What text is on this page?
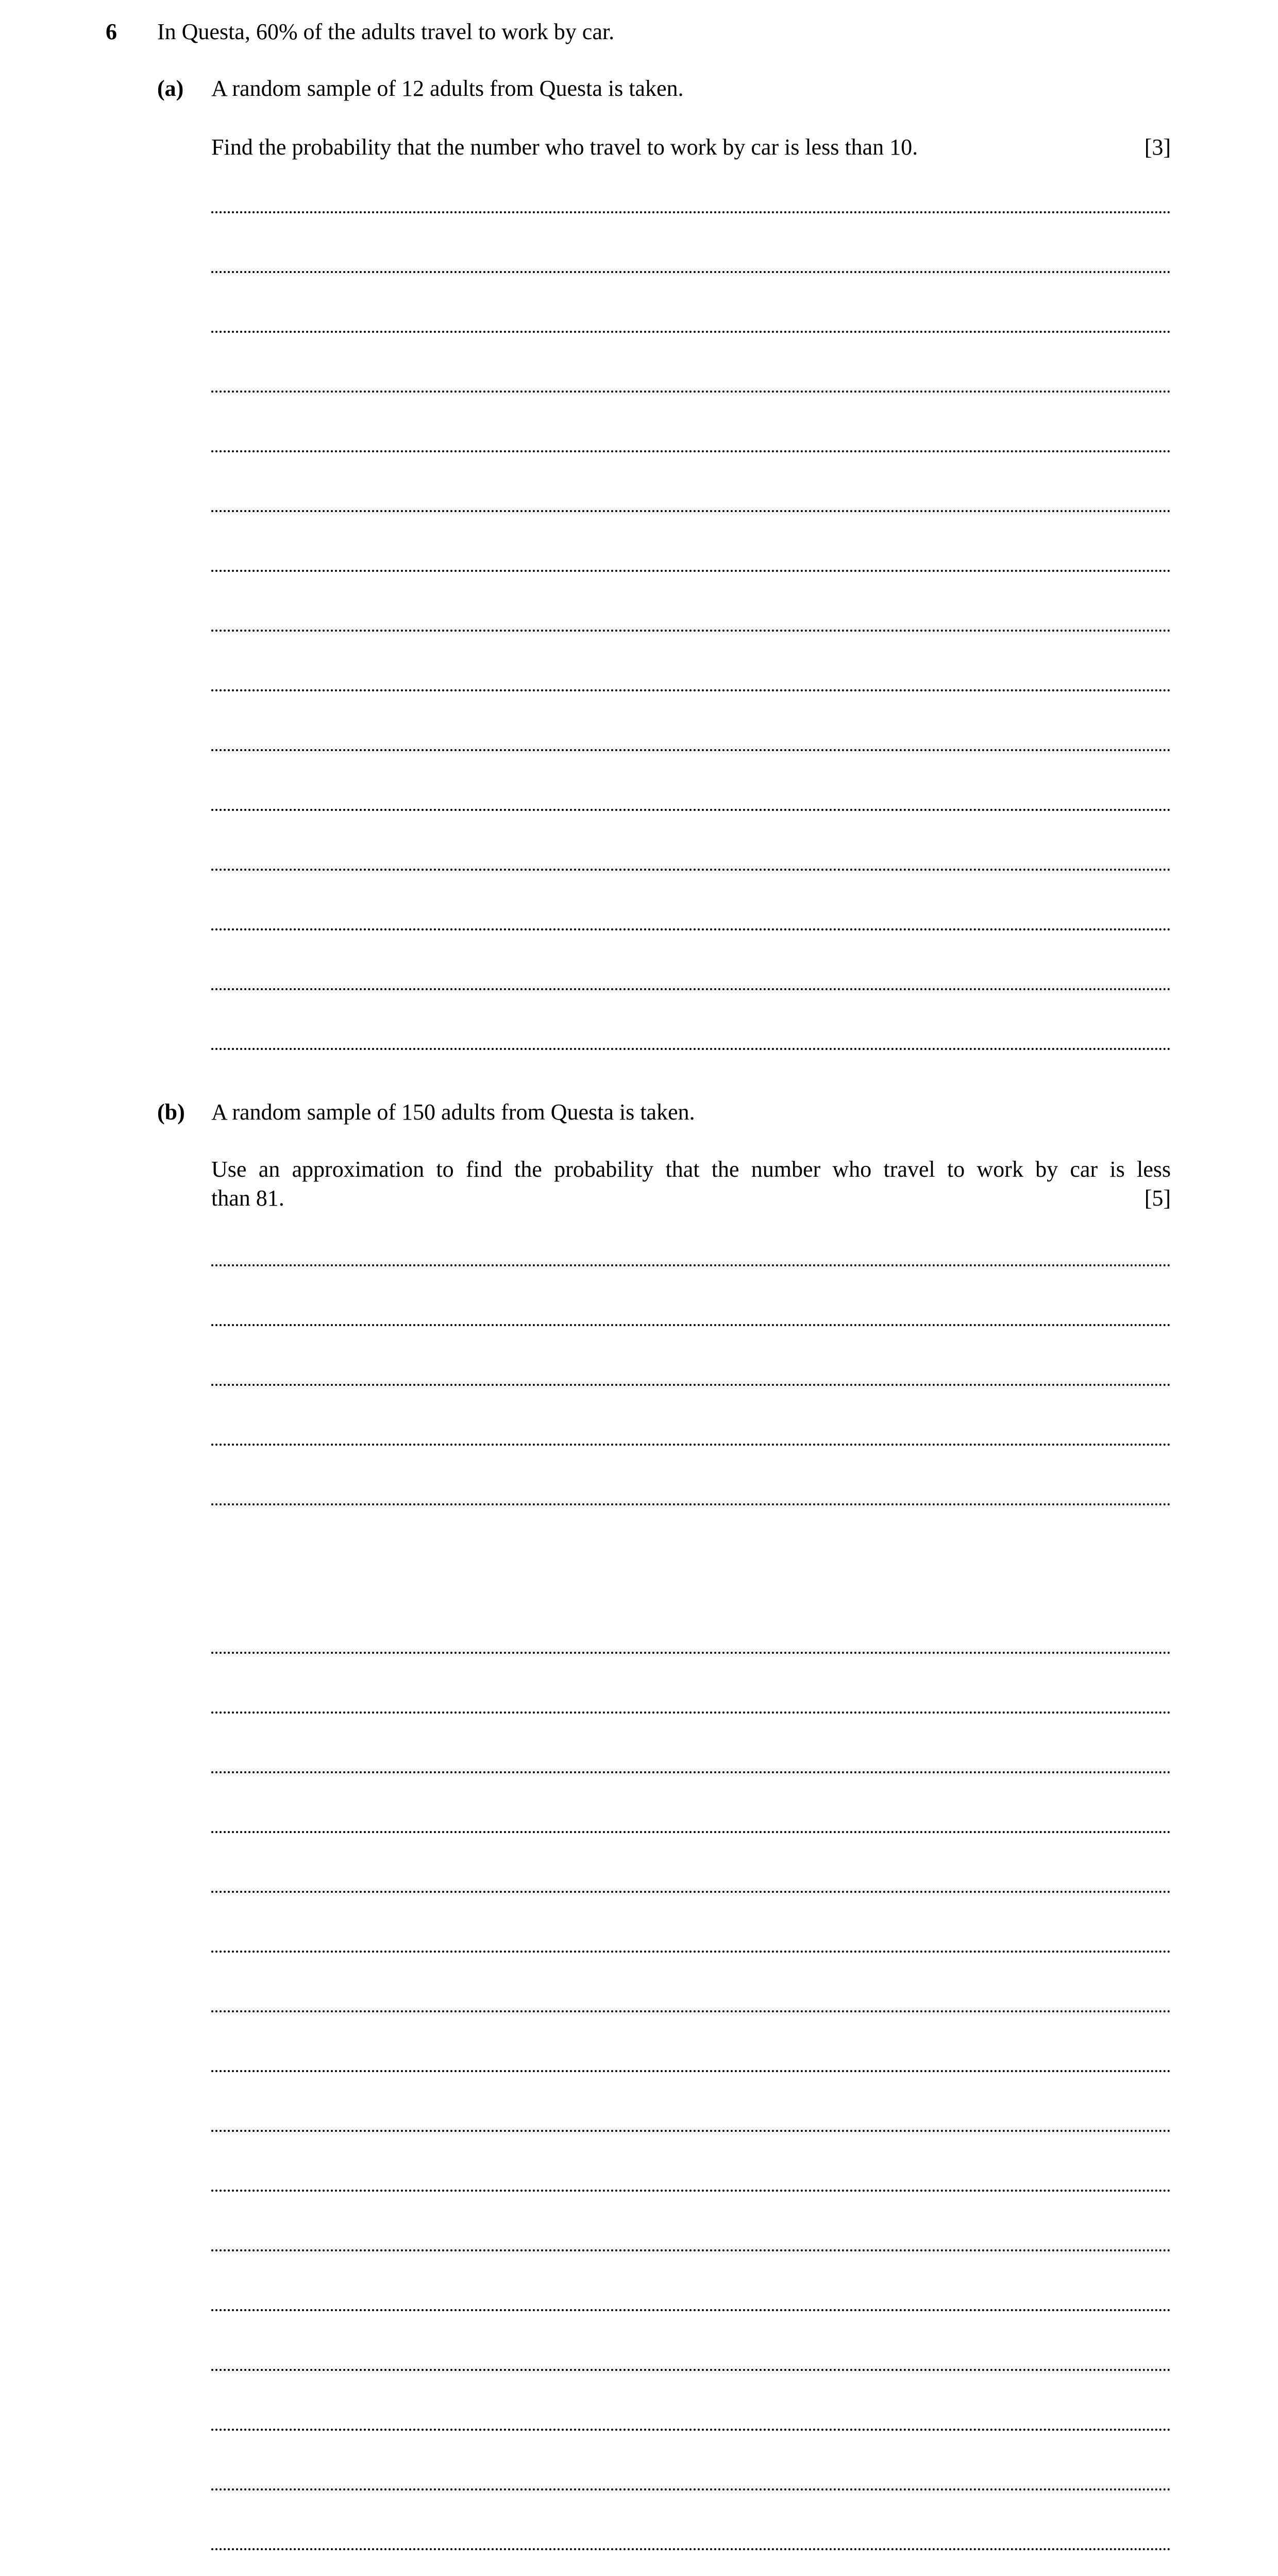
6 In Questa, 60% of the adults travel to work by car.
(a) A random sample of 12 adults from Questa is taken.
Find the probability that the number who travel to work by car is less than 10.	[3]
(b) A random sample of 150 adults from Questa is taken.
Use an approximation to find the probability that the number who travel to work by car is less
than 81.	[5]
